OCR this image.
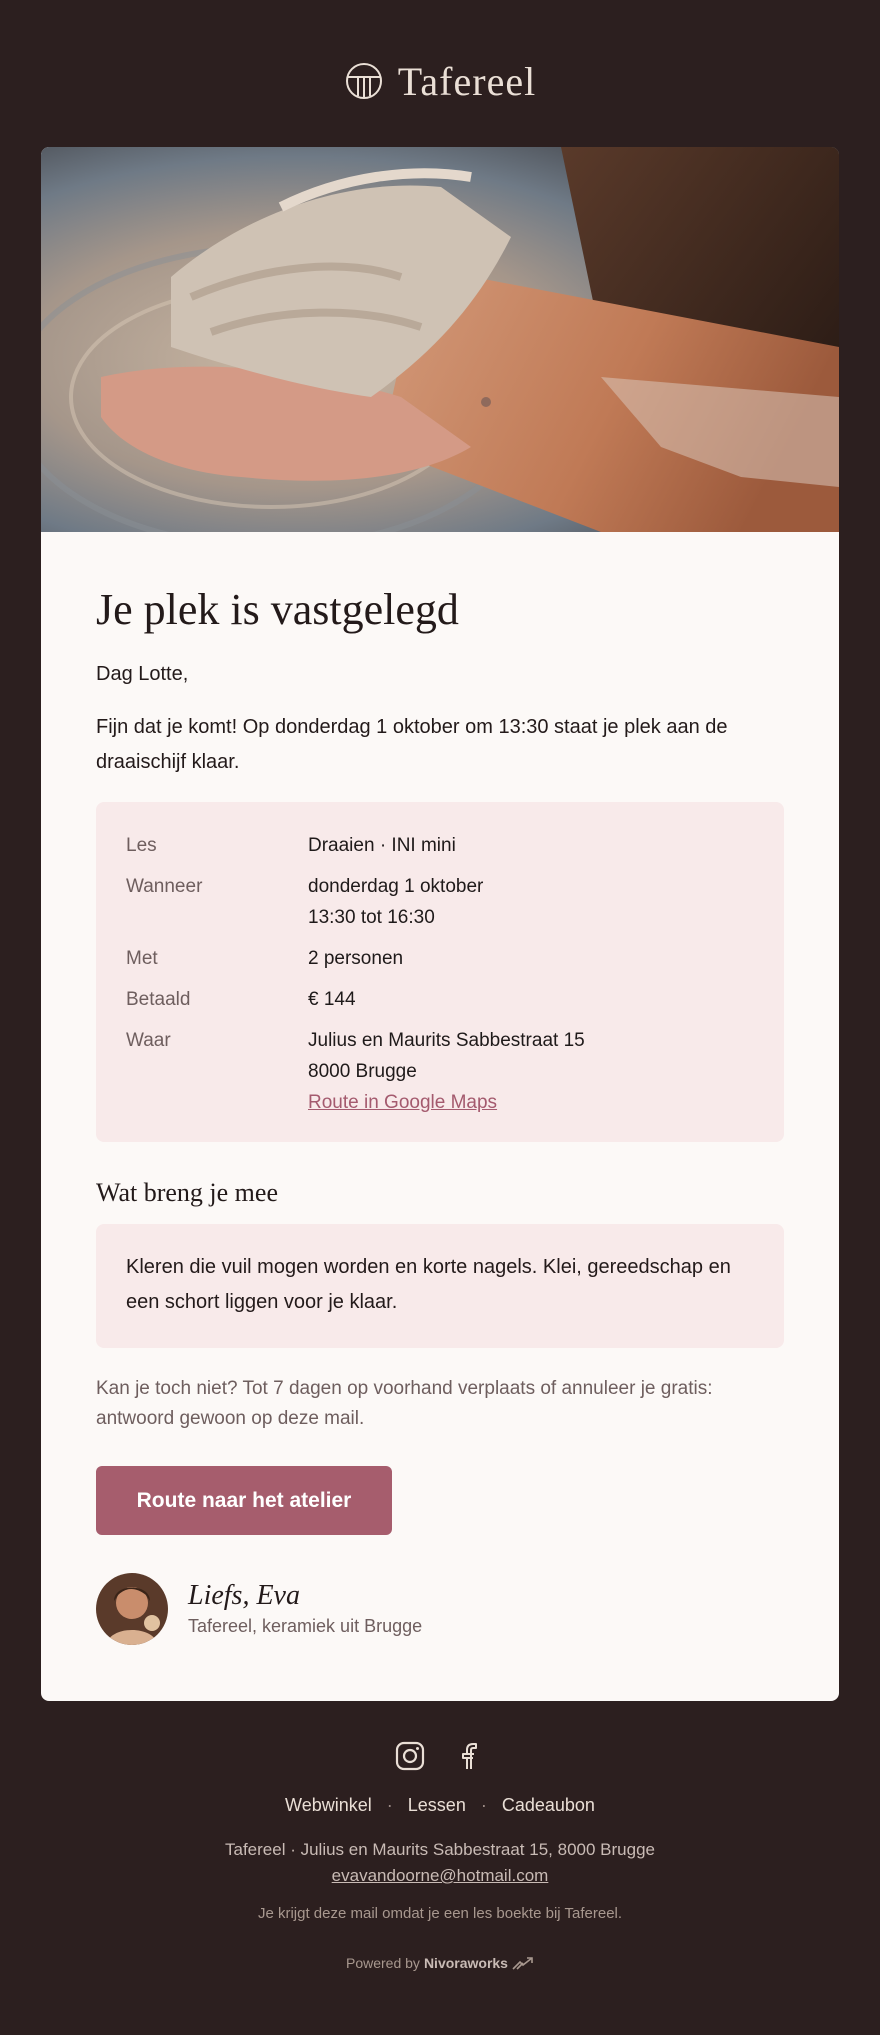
Tafereel
Je plek is vastgelegd

Dag Lotte,

Fijn dat je komt! Op donderdag 1 oktober om 13:30 staat je plek aan de draaischijf klaar.

Les	Draaien · INI mini
Wanneer	donderdag 1 oktober
13:30 tot 16:30
Met	2 personen
Betaald	€ 144
Waar	Julius en Maurits Sabbestraat 15
8000 Brugge
Route in Google Maps
Wat breng je mee
Kleren die vuil mogen worden en korte nagels. Klei, gereedschap en een schort liggen voor je klaar.

Kan je toch niet? Tot 7 dagen op voorhand verplaats of annuleer je gratis: antwoord gewoon op deze mail.

Route naar het atelier
Liefs, Eva
Tafereel, keramiek uit Brugge
Webwinkel · Lessen · Cadeaubon
Tafereel · Julius en Maurits Sabbestraat 15, 8000 Brugge
evavandoorne@hotmail.com
Je krijgt deze mail omdat je een les boekte bij Tafereel.
Powered by Nivoraworks
